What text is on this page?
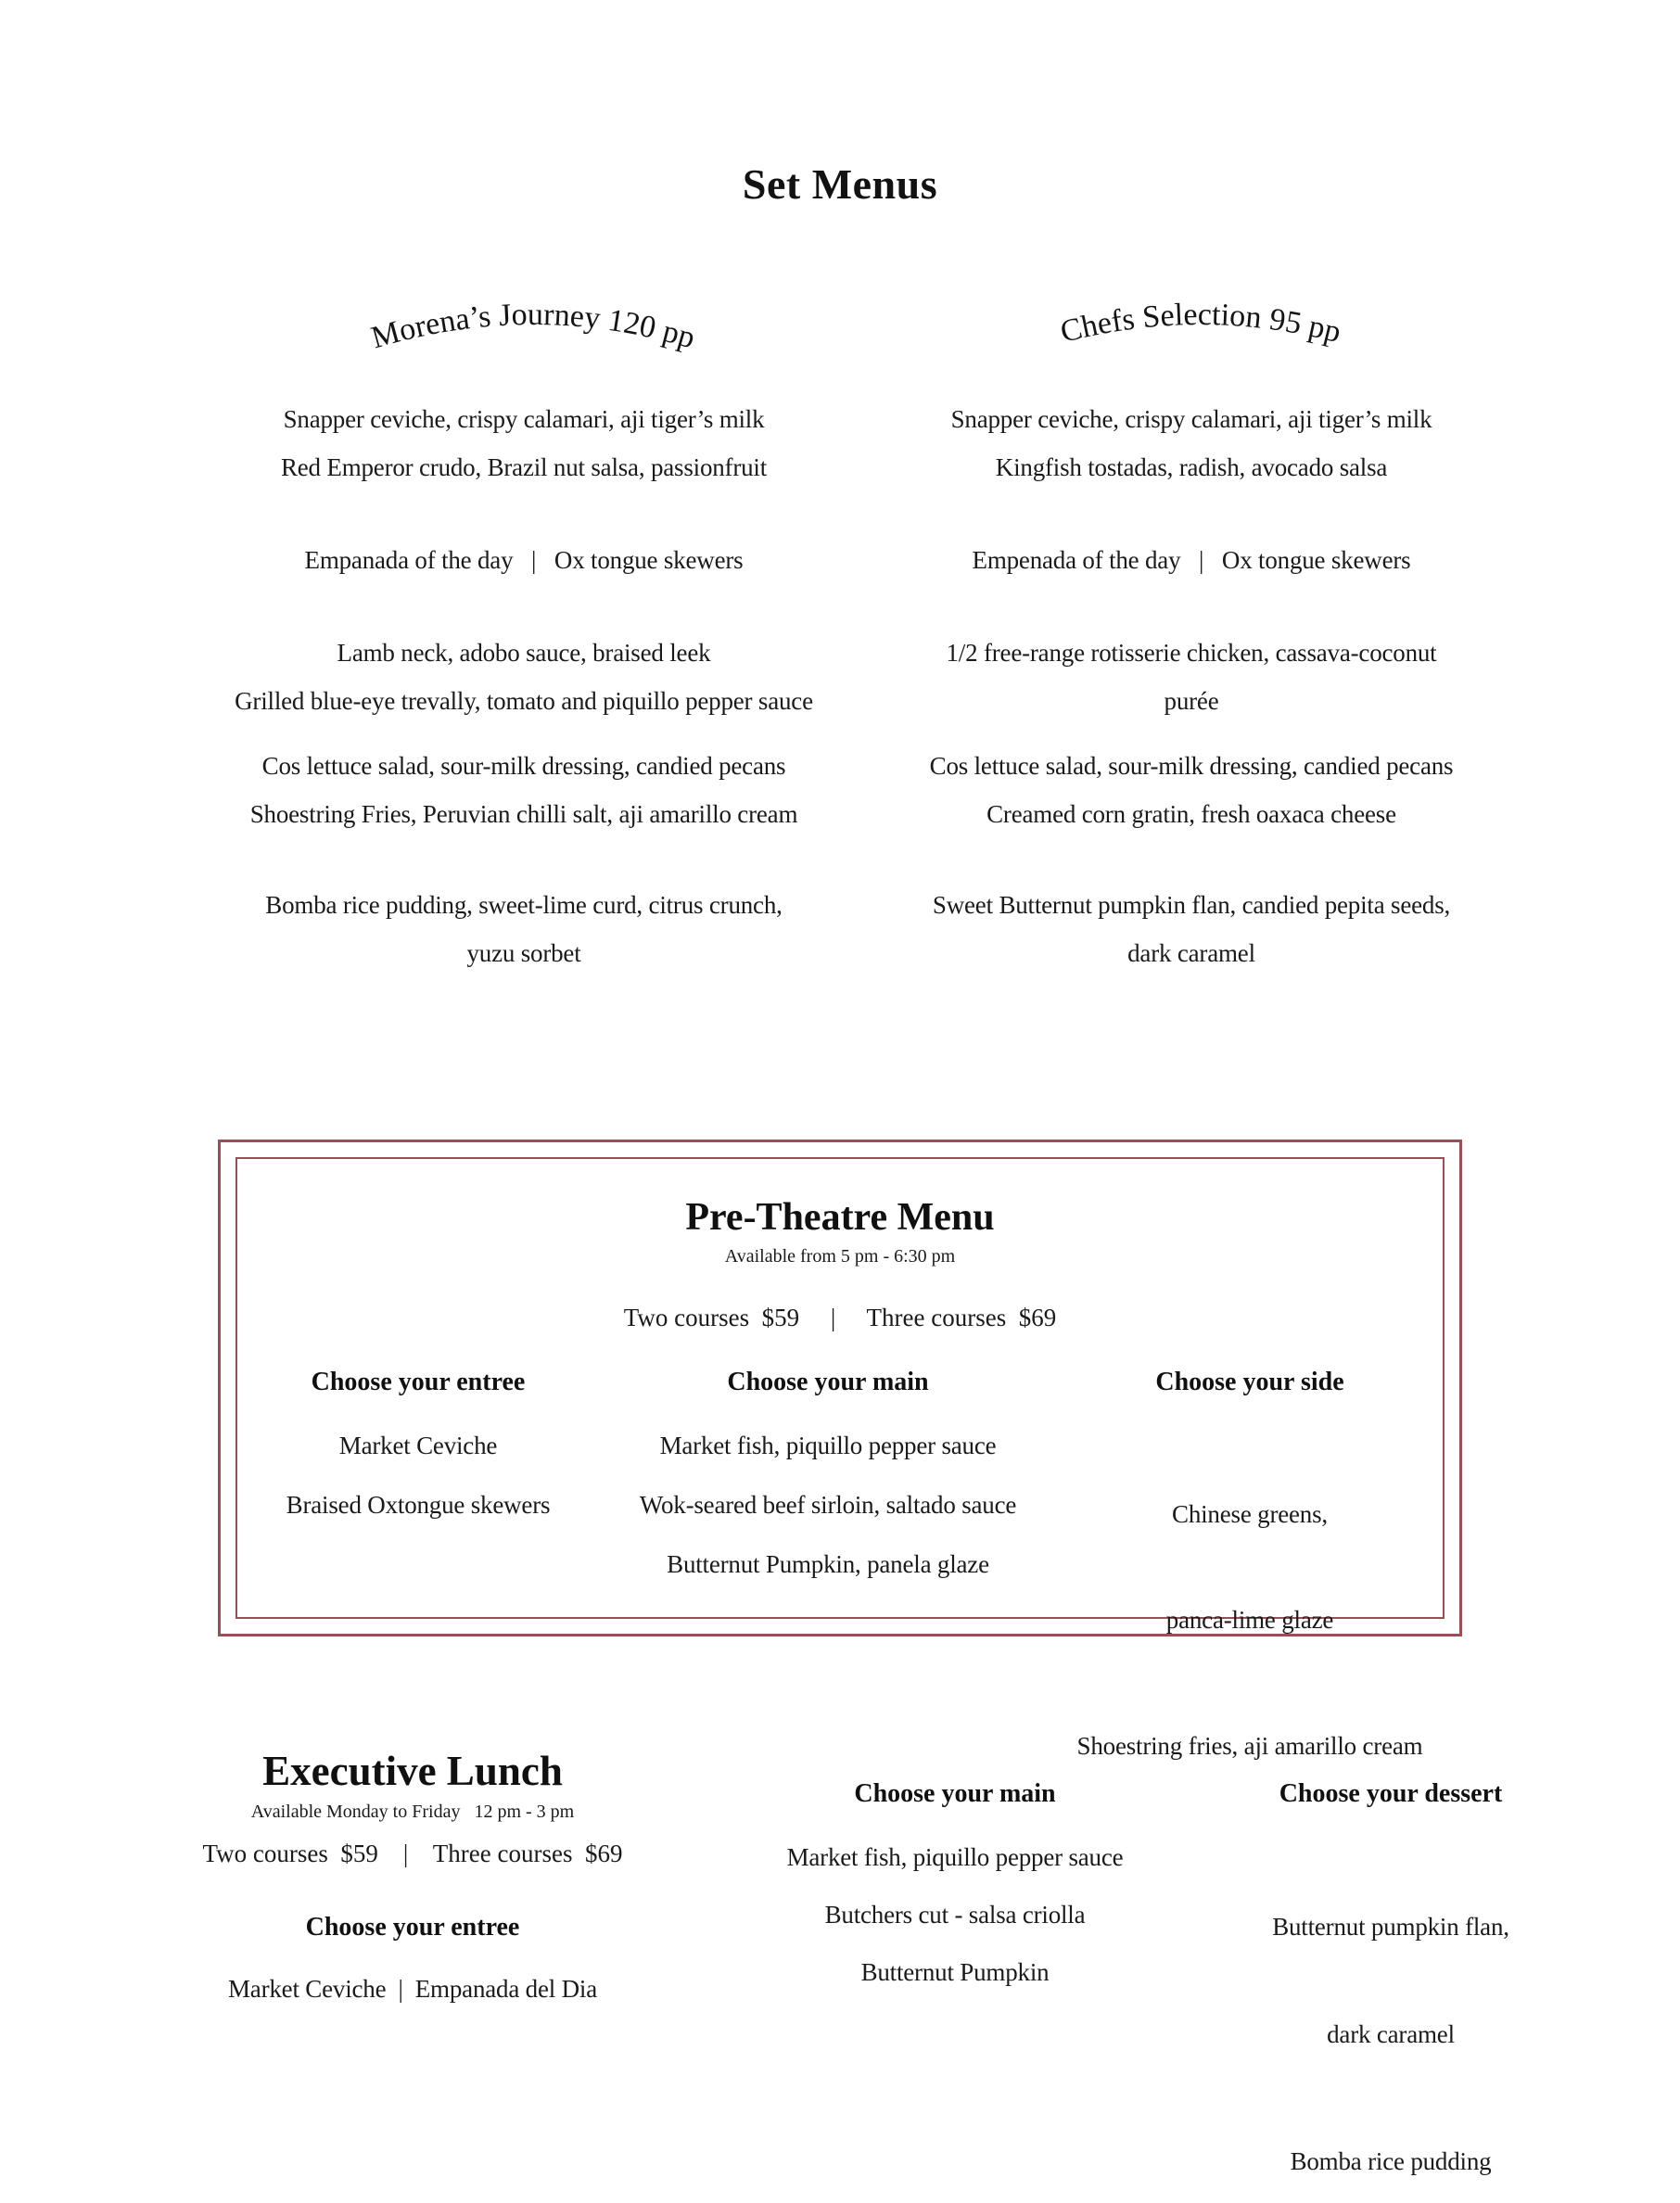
Set Menus
Morena’s Journey 120 pp	Chefs Selection 95 pp

Snapper ceviche, crispy calamari, aji tiger’s milk

Red Emperor crudo, Brazil nut salsa, passionfruit

Empanada of the day   |   Ox tongue skewers

Lamb neck, adobo sauce, braised leek

Grilled blue-eye trevally, tomato and piquillo pepper sauce

Cos lettuce salad, sour-milk dressing, candied pecans

Shoestring Fries, Peruvian chilli salt, aji amarillo cream

Bomba rice pudding, sweet-lime curd, citrus crunch,

yuzu sorbet

Snapper ceviche, crispy calamari, aji tiger’s milk

Kingfish tostadas, radish, avocado salsa

Empenada of the day   |   Ox tongue skewers

1/2 free-range rotisserie chicken, cassava-coconut

purée

Cos lettuce salad, sour-milk dressing, candied pecans

Creamed corn gratin, fresh oaxaca cheese

Sweet Butternut pumpkin flan, candied pepita seeds,

dark caramel

Pre-Theatre Menu

Available from 5 pm - 6:30 pm

Two courses  $59     |     Three courses  $69

Choose your entree

Market Ceviche

Braised Oxtongue skewers

Choose your main

Market fish, piquillo pepper sauce

Wok-seared beef sirloin, saltado sauce

Butternut Pumpkin, panela glaze

Choose your side

Chinese greens,

panca-lime glaze

Shoestring fries, aji amarillo cream

Executive Lunch

Available Monday to Friday   12 pm - 3 pm

Two courses  $59    |    Three courses  $69

Choose your entree

Market Ceviche  |  Empanada del Dia

Choose your main

Market fish, piquillo pepper sauce

Butchers cut - salsa criolla

Butternut Pumpkin

Choose your dessert

Butternut pumpkin flan,

dark caramel

Bomba rice pudding
